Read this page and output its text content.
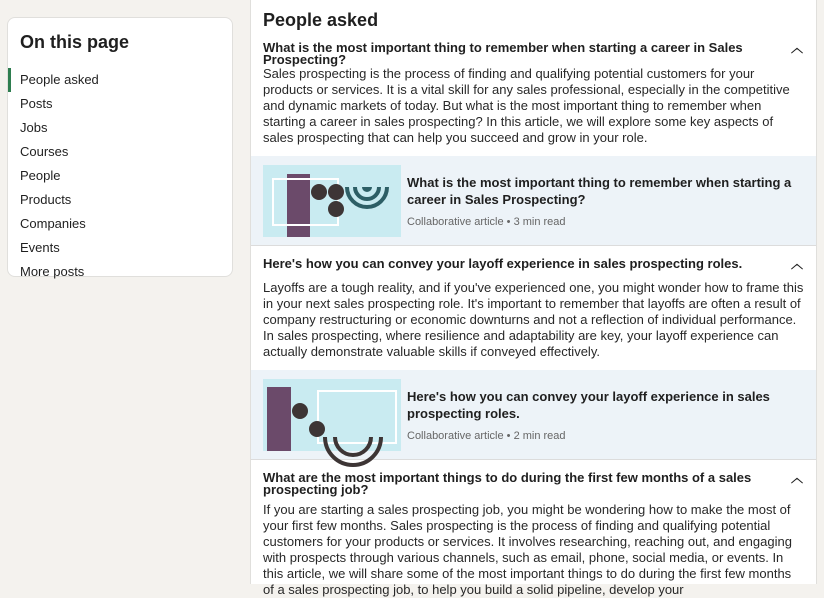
On this page
People asked
Posts
Jobs
Courses
People
Products
Companies
Events
More posts
People asked
What is the most important thing to remember when starting a career in Sales Prospecting?
︿

Sales prospecting is the process of finding and qualifying potential customers for your products or services. It is a vital skill for any sales professional, especially in the competitive and dynamic markets of today. But what is the most important thing to remember when starting a career in sales prospecting? In this article, we will explore some key aspects of sales prospecting that can help you succeed and grow in your role.

What is the most important thing to remember when starting a career in Sales Prospecting?
Collaborative article • 3 min read
Here's how you can convey your layoff experience in sales prospecting roles.	︿

Layoffs are a tough reality, and if you've experienced one, you might wonder how to frame this in your next sales prospecting role. It's important to remember that layoffs are often a result of company restructuring or economic downturns and not a reflection of individual performance. In sales prospecting, where resilience and adaptability are key, your layoff experience can actually demonstrate valuable skills if conveyed effectively.

Here's how you can convey your layoff experience in sales prospecting roles.
Collaborative article • 2 min read
What are the most important things to do during the first few months of a sales prospecting job?
︿

If you are starting a sales prospecting job, you might be wondering how to make the most of your first few months. Sales prospecting is the process of finding and qualifying potential customers for your products or services. It involves researching, reaching out, and engaging with prospects through various channels, such as email, phone, social media, or events. In this article, we will share some of the most important things to do during the first few months of a sales prospecting job, to help you build a solid pipeline, develop your
